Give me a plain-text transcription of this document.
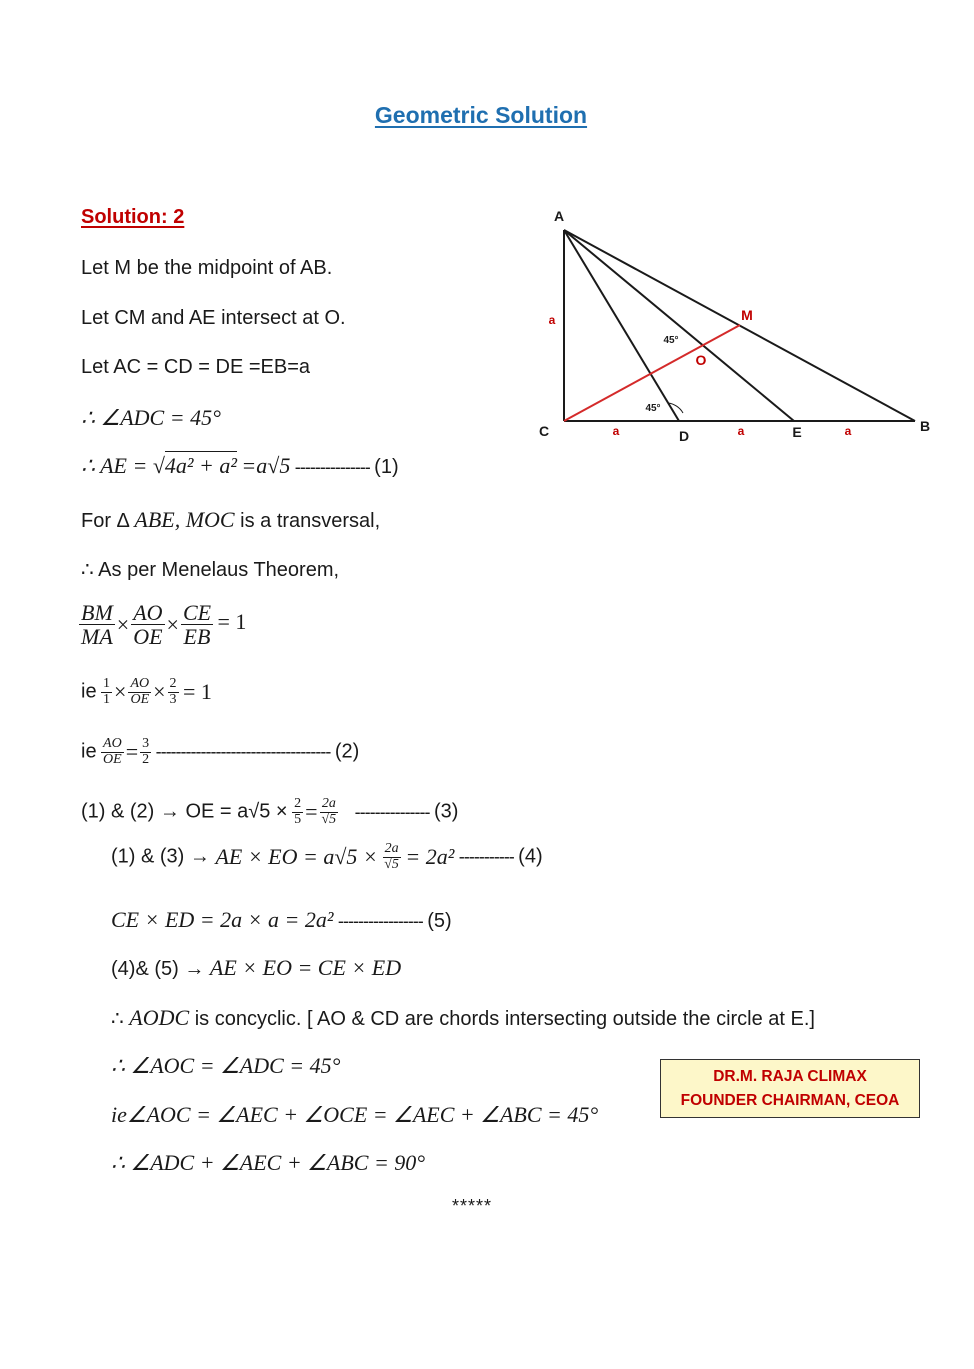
Geometric Solution
Solution: 2
Let M be the midpoint of AB.
Let CM and AE intersect at O.
Let AC = CD = DE =EB=a
∴ ∠ADC = 45°
∴ AE = √4a² + a² =a√5 --------------- (1)
For Δ ABE, MOC is a transversal,
∴ As per Menelaus Theorem,
$\frac{BM}{MA} \times \frac{AO}{OE} \times \frac{CE}{EB} = 1$
ie $\frac{1}{1} \times \frac{AO}{OE} \times \frac{2}{3} = 1$
ie $\frac{AO}{OE} = \frac{3}{2}$ ----------------------------------- (2)
(1) & (2) → OE = $a√5 \times \frac{2}{5} = \frac{2a}{√5}$ --------------- (3)
(1) & (3) → AE × EO = $a√5 \times \frac{2a}{√5} = 2a^2$ ----------- (4)
CE × ED = 2a × a = 2a² ----------------- (5)
(4)& (5) → AE × EO = CE × ED
∴ AODC is concyclic. [ AO & CD are chords intersecting outside the circle at E.]
∴ ∠AOC = ∠ADC = 45°
ie∠AOC = ∠AEC + ∠OCE = ∠AEC + ∠ABC = 45°
∴ ∠ADC + ∠AEC + ∠ABC = 90°
DR.M. RAJA CLIMAX
FOUNDER CHAIRMAN, CEOA
*****
A
C	D	E	B
M
O
a
a	a	a
45°
45°
